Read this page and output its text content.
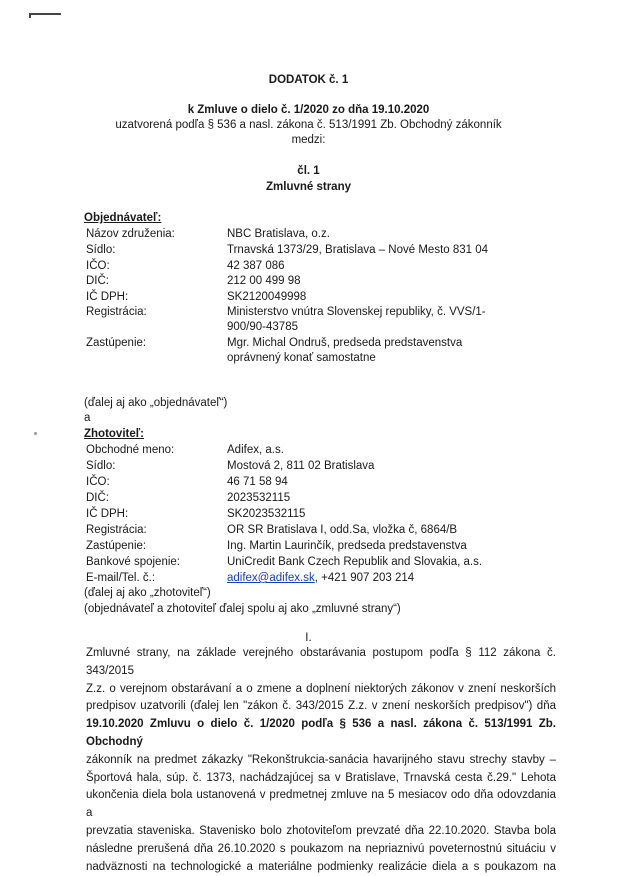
DODATOK č. 1
k Zmluve o dielo č. 1/2020 zo dňa 19.10.2020
uzatvorená podľa § 536 a nasl. zákona č. 513/1991 Zb. Obchodný zákonník
medzi:
čl. 1
Zmluvné strany
Objednávateľ:
Názov združenia:	NBC Bratislava, o.z.
Sídlo:	Trnavská 1373/29, Bratislava – Nové Mesto 831 04
IČO:	42 387 086
DIČ:	212 00 499 98
IČ DPH:	SK2120049998
Registrácia:	Ministerstvo vnútra Slovenskej republiky, č. VVS/1-
900/90-43785
Zastúpenie:	Mgr. Michal Ondruš, predseda predstavenstva
oprávnený konať samostatne
(ďalej aj ako „objednávateľ“)
a
Zhotoviteľ:
Obchodné meno:	Adifex, a.s.
Sídlo:	Mostová 2, 811 02 Bratislava
IČO:	46 71 58 94
DIČ:	2023532115
IČ DPH:	SK2023532115
Registrácia:	OR SR Bratislava I, odd.Sa, vložka č, 6864/B
Zastúpenie:	Ing. Martin Laurinčík, predseda predstavenstva
Bankové spojenie:	UniCredit Bank Czech Republik and Slovakia, a.s.
E-mail/Tel. č.:	adifex@adifex.sk, +421 907 203 214
(ďalej aj ako „zhotoviteľ“)
(objednávateľ a zhotoviteľ ďalej spolu aj ako „zmluvné strany“)
I.
Zmluvné strany, na základe verejného obstarávania postupom podľa § 112 zákona č. 343/2015
Z.z. o verejnom obstarávaní a o zmene a doplnení niektorých zákonov v znení neskorších
predpisov uzatvorili (ďalej len "zákon č. 343/2015 Z.z. v znení neskorších predpisov") dňa
19.10.2020 Zmluvu o dielo č. 1/2020 podľa § 536 a nasl. zákona č. 513/1991 Zb. Obchodný
zákonník na predmet zákazky "Rekonštrukcia-sanácia havarijného stavu strechy stavby –
Športová hala, súp. č. 1373, nachádzajúcej sa v Bratislave, Trnavská cesta č.29." Lehota
ukončenia diela bola ustanovená v predmetnej zmluve na 5 mesiacov odo dňa odovzdania a
prevzatia staveniska. Stavenisko bolo zhotoviteľom prevzaté dňa 22.10.2020. Stavba bola
následne prerušená dňa 26.10.2020 s poukazom na nepriaznivú poveternostnú situáciu v
nadväznosti na technologické a materiálne podmienky realizácie diela a s poukazom na
